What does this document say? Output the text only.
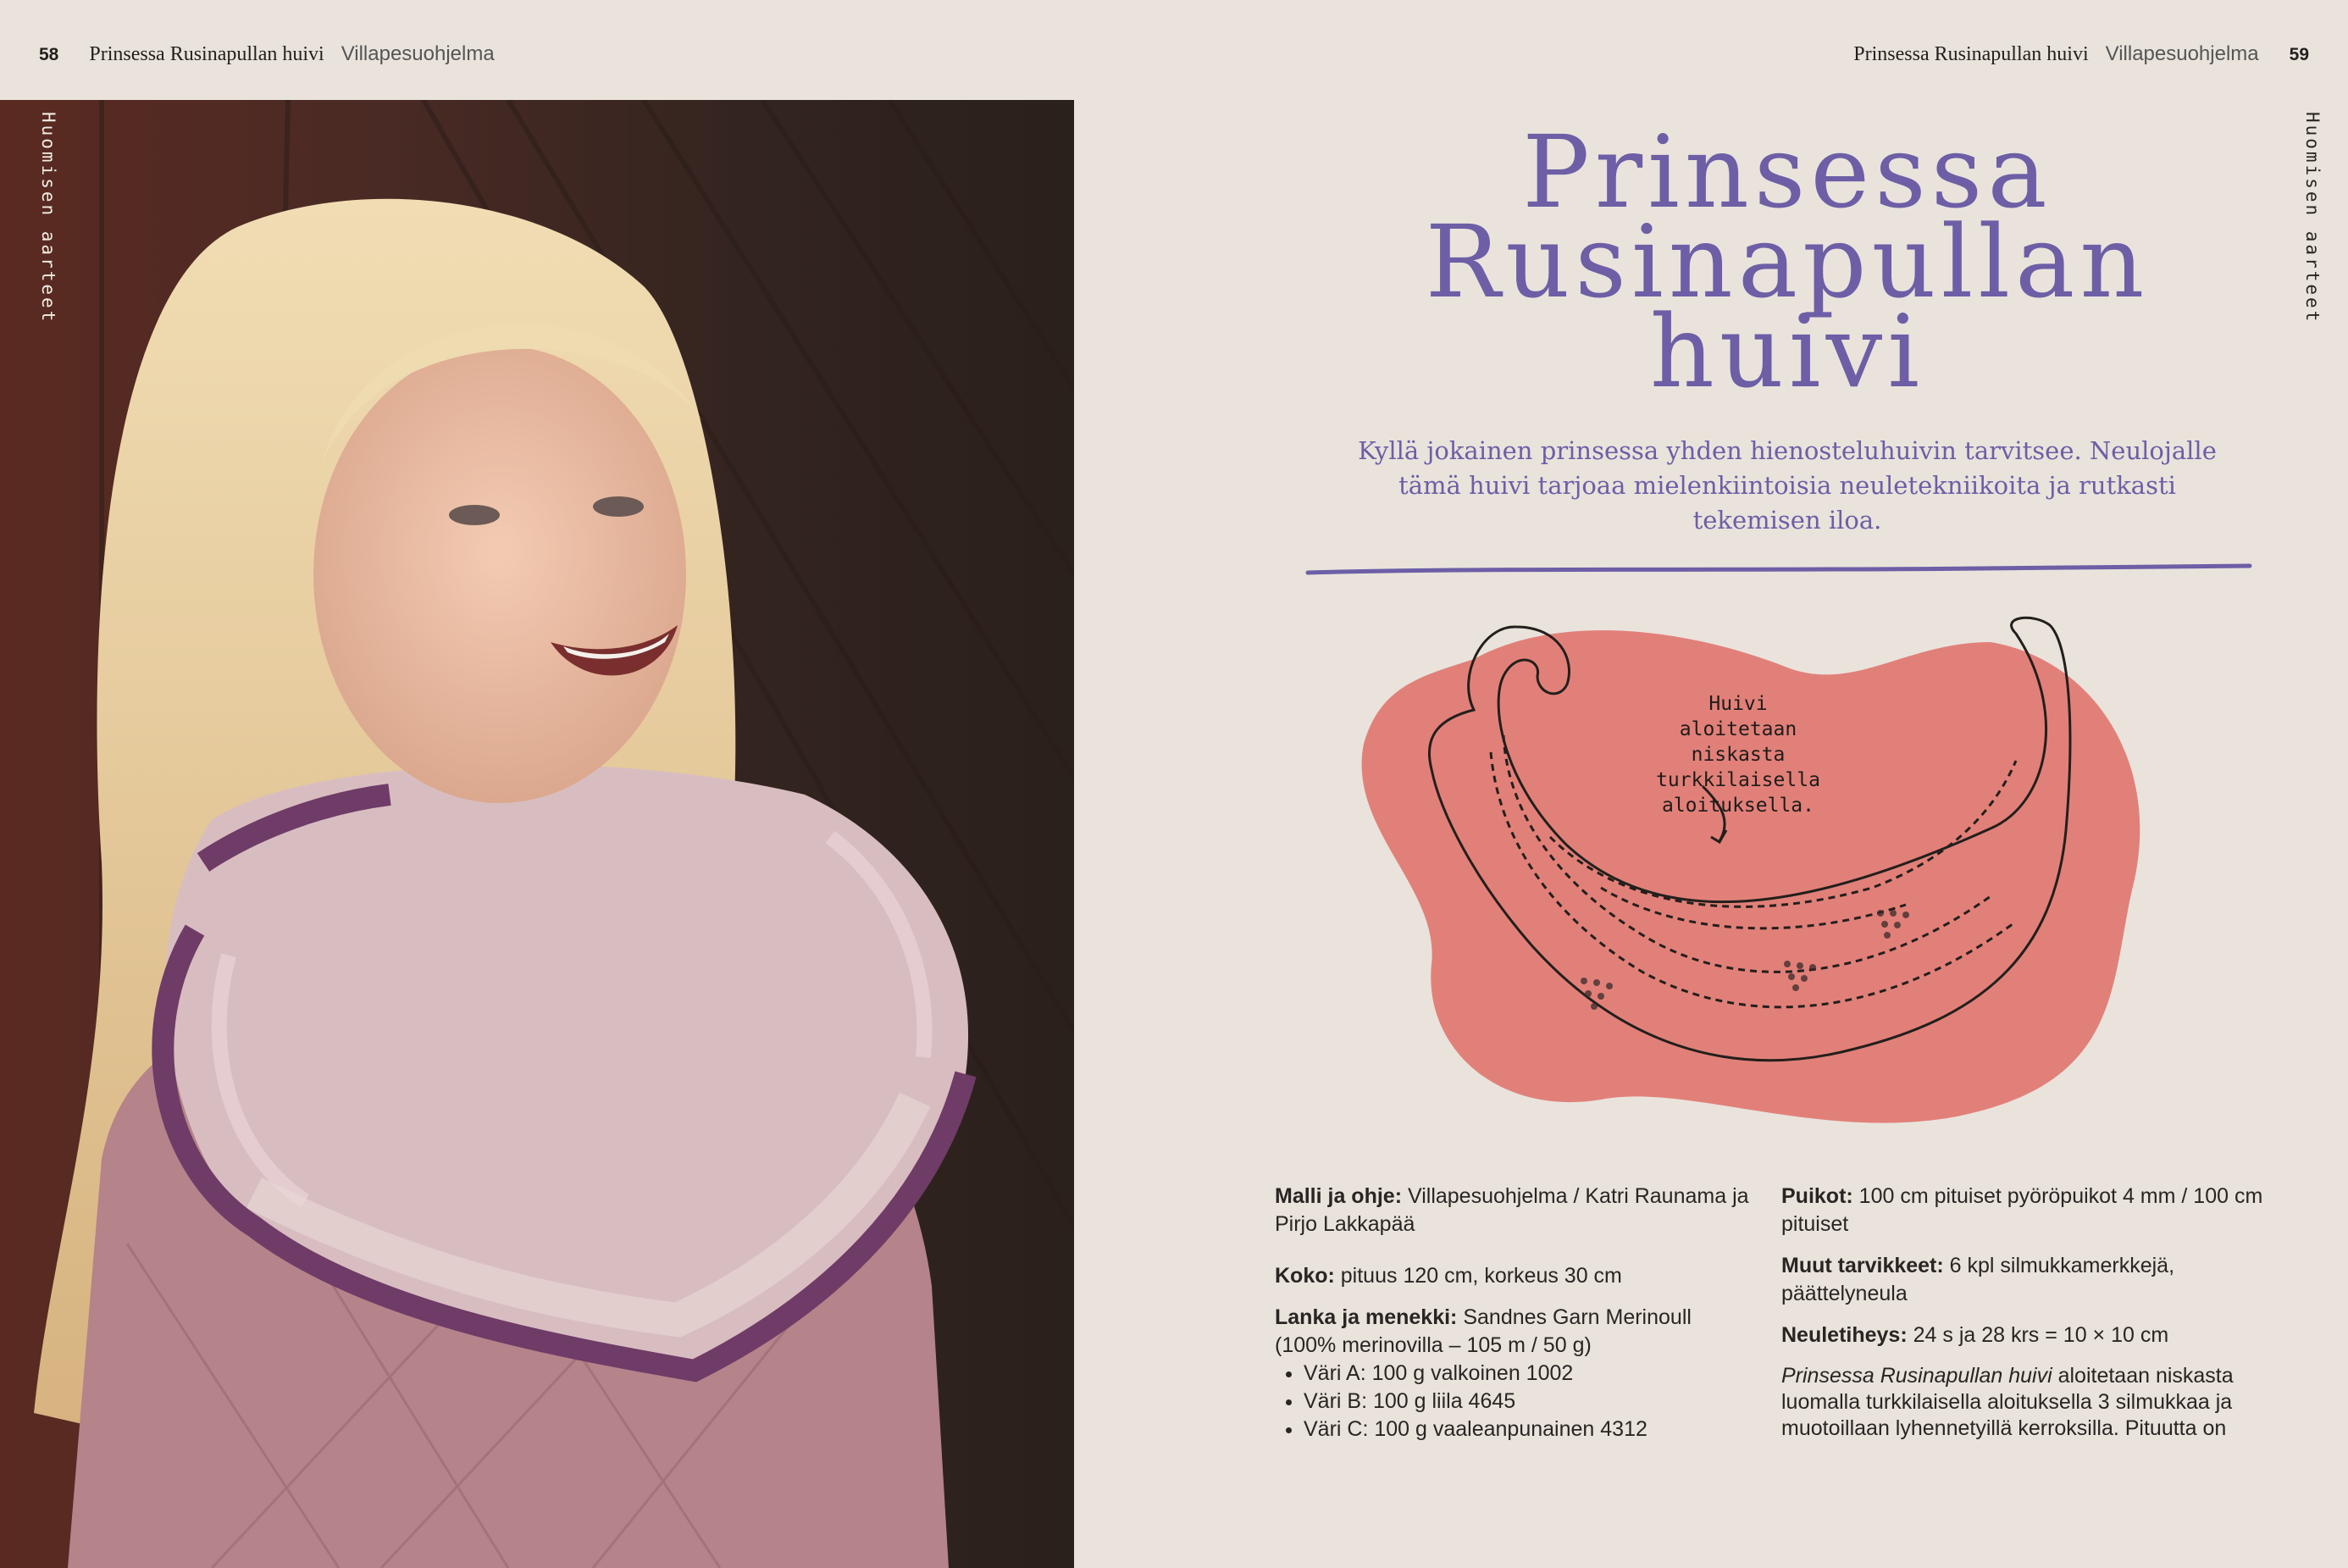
58 Prinsessa Rusinapullan huivi Villapesuohjelma	Prinsessa Rusinapullan huivi Villapesuohjelma 59
Huomisen aarteet	Huomisen aarteet
Prinsessa
Rusinapullan
huivi
Kyllä jokainen prinsessa yhden hienosteluhuivin tarvitsee. Neulojalle tämä huivi tarjoaa mielenkiintoisia neuletekniikoita ja rutkasti tekemisen iloa.
Huivi aloitetaan niskasta turkkilaisella aloituksella.

Malli ja ohje: Villapesuohjelma / Katri Raunama ja Pirjo Lakkapää

Koko: pituus 120 cm, korkeus 30 cm

Lanka ja menekki: Sandnes Garn Merinoull (100% merinovilla – 105 m / 50 g)

• Väri A: 100 g valkoinen 1002
• Väri B: 100 g liila 4645
• Väri C: 100 g vaaleanpunainen 4312

Puikot: 100 cm pituiset pyöröpuikot 4 mm / 100 cm pituiset

Muut tarvikkeet: 6 kpl silmukkamerkkejä, päättelyneula

Neuletiheys: 24 s ja 28 krs = 10 × 10 cm

Prinsessa Rusinapullan huivi aloitetaan niskasta luomalla turkkilaisella aloituksella 3 silmukkaa ja muotoillaan lyhennetyillä kerroksilla. Pituutta on
